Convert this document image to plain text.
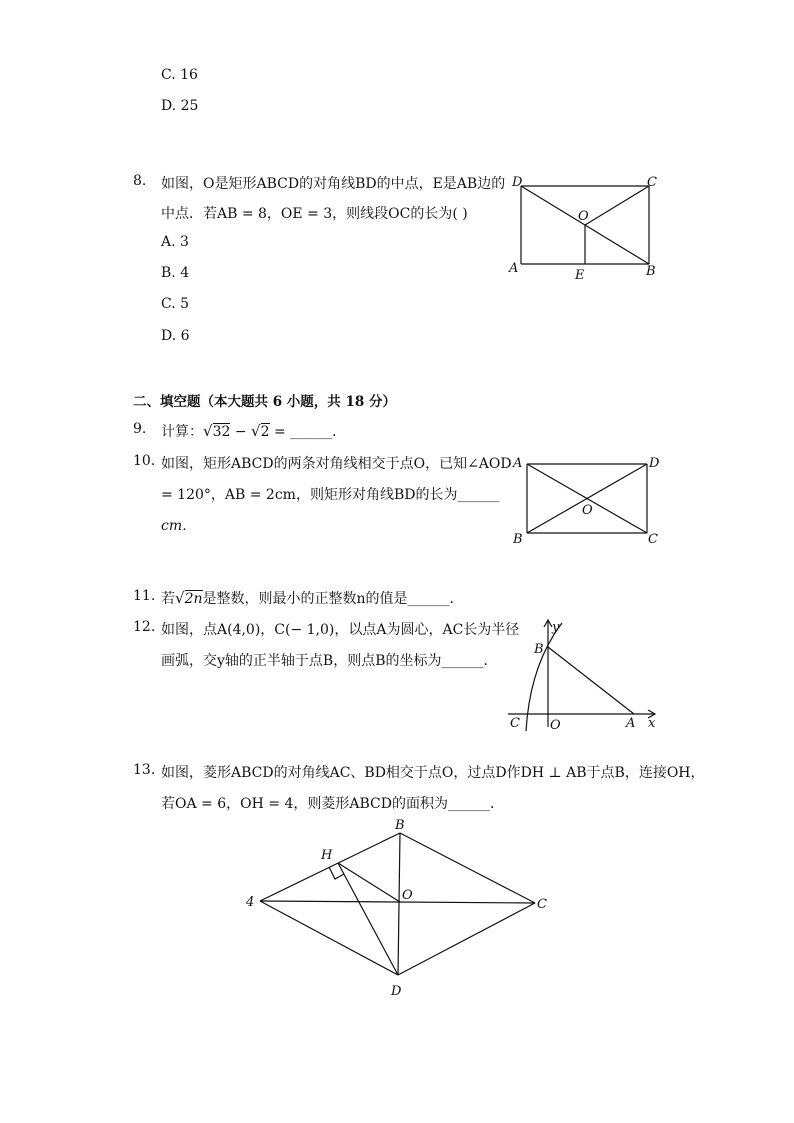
C. 16
D. 25
8. 如图，O是矩形ABCD的对角线BD的中点，E是AB边的
中点．若AB = 8，OE = 3，则线段OC的长为( )
A. 3
B. 4
C. 5
D. 6
D	C
O
A	E	B
二、填空题（本大题共 6 小题，共 18 分）
9. 计算：√32 − √2 = ______．
10. 如图，矩形ABCD的两条对角线相交于点O，已知∠AOD
= 120°，AB = 2cm，则矩形对角线BD的长为______
cm．
A	D
O
B	C
11. 若√2n是整数，则最小的正整数n的值是______．
12. 如图，点A(4,0)，C(− 1,0)，以点A为圆心，AC长为半径
画弧，交y轴的正半轴于点B，则点B的坐标为______．
y
B
C O	A x
13. 如图，菱形ABCD的对角线AC、BD相交于点O，过点D作DH ⊥ AB于点B，连接OH，
若OA = 6，OH = 4，则菱形ABCD的面积为______．
B
H
4	O
C
D
